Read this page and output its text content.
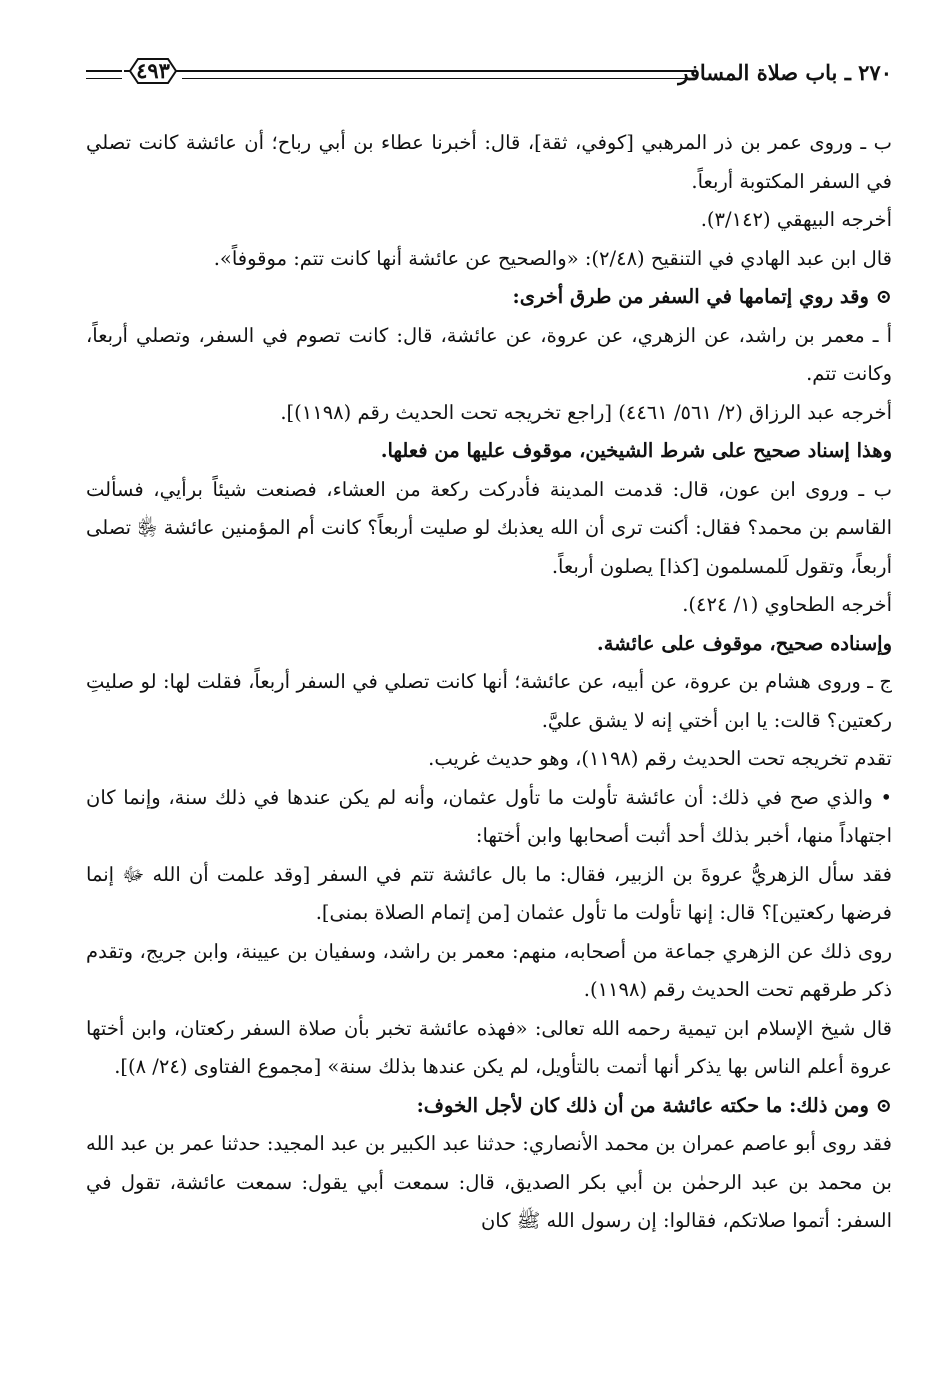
٢٧٠ ـ باب صلاة المسافر
٤٩٣

ب ـ وروى عمر بن ذر المرهبي [كوفي، ثقة]، قال: أخبرنا عطاء بن أبي رباح؛ أن عائشة كانت تصلي في السفر المكتوبة أربعاً.

أخرجه البيهقي (٣/١٤٢).

قال ابن عبد الهادي في التنقيح (٢/٤٨): «والصحيح عن عائشة أنها كانت تتم: موقوفاً».

⊙ وقد روي إتمامها في السفر من طرق أخرى:

أ ـ معمر بن راشد، عن الزهري، عن عروة، عن عائشة، قال: كانت تصوم في السفر، وتصلي أربعاً، وكانت تتم.

أخرجه عبد الرزاق (٢/ ٥٦١/ ٤٤٦١) [راجع تخريجه تحت الحديث رقم (١١٩٨)].

وهذا إسناد صحيح على شرط الشيخين، موقوف عليها من فعلها.

ب ـ وروى ابن عون، قال: قدمت المدينة فأدركت ركعة من العشاء، فصنعت شيئاً برأيي، فسألت القاسم بن محمد؟ فقال: أكنت ترى أن الله يعذبك لو صليت أربعاً؟ كانت أم المؤمنين عائشة ﵂ تصلى أربعاً، وتقول لَلمسلمون [كذا] يصلون أربعاً.

أخرجه الطحاوي (١/ ٤٢٤).

وإسناده صحيح، موقوف على عائشة.

ج ـ وروى هشام بن عروة، عن أبيه، عن عائشة؛ أنها كانت تصلي في السفر أربعاً، فقلت لها: لو صليتِ ركعتين؟ قالت: يا ابن أختي إنه لا يشق عليَّ.

تقدم تخريجه تحت الحديث رقم (١١٩٨)، وهو حديث غريب.

• والذي صح في ذلك: أن عائشة تأولت ما تأول عثمان، وأنه لم يكن عندها في ذلك سنة، وإنما كان اجتهاداً منها، أخبر بذلك أحد أثبت أصحابها وابن أختها:

فقد سأل الزهريُّ عروةَ بن الزبير، فقال: ما بال عائشة تتم في السفر [وقد علمت أن الله ﷻ إنما فرضها ركعتين]؟ قال: إنها تأولت ما تأول عثمان [من إتمام الصلاة بمنى].

روى ذلك عن الزهري جماعة من أصحابه، منهم: معمر بن راشد، وسفيان بن عيينة، وابن جريج، وتقدم ذكر طرقهم تحت الحديث رقم (١١٩٨).

قال شيخ الإسلام ابن تيمية رحمه الله تعالى: «فهذه عائشة تخبر بأن صلاة السفر ركعتان، وابن أختها عروة أعلم الناس بها يذكر أنها أتمت بالتأويل، لم يكن عندها بذلك سنة» [مجموع الفتاوى (٢٤/ ٨)].

⊙ ومن ذلك: ما حكته عائشة من أن ذلك كان لأجل الخوف:

فقد روى أبو عاصم عمران بن محمد الأنصاري: حدثنا عبد الكبير بن عبد المجيد: حدثنا عمر بن عبد الله بن محمد بن عبد الرحمٰن بن أبي بكر الصديق، قال: سمعت أبي يقول: سمعت عائشة، تقول في السفر: أتموا صلاتكم، فقالوا: إن رسول الله ﷺ كان
